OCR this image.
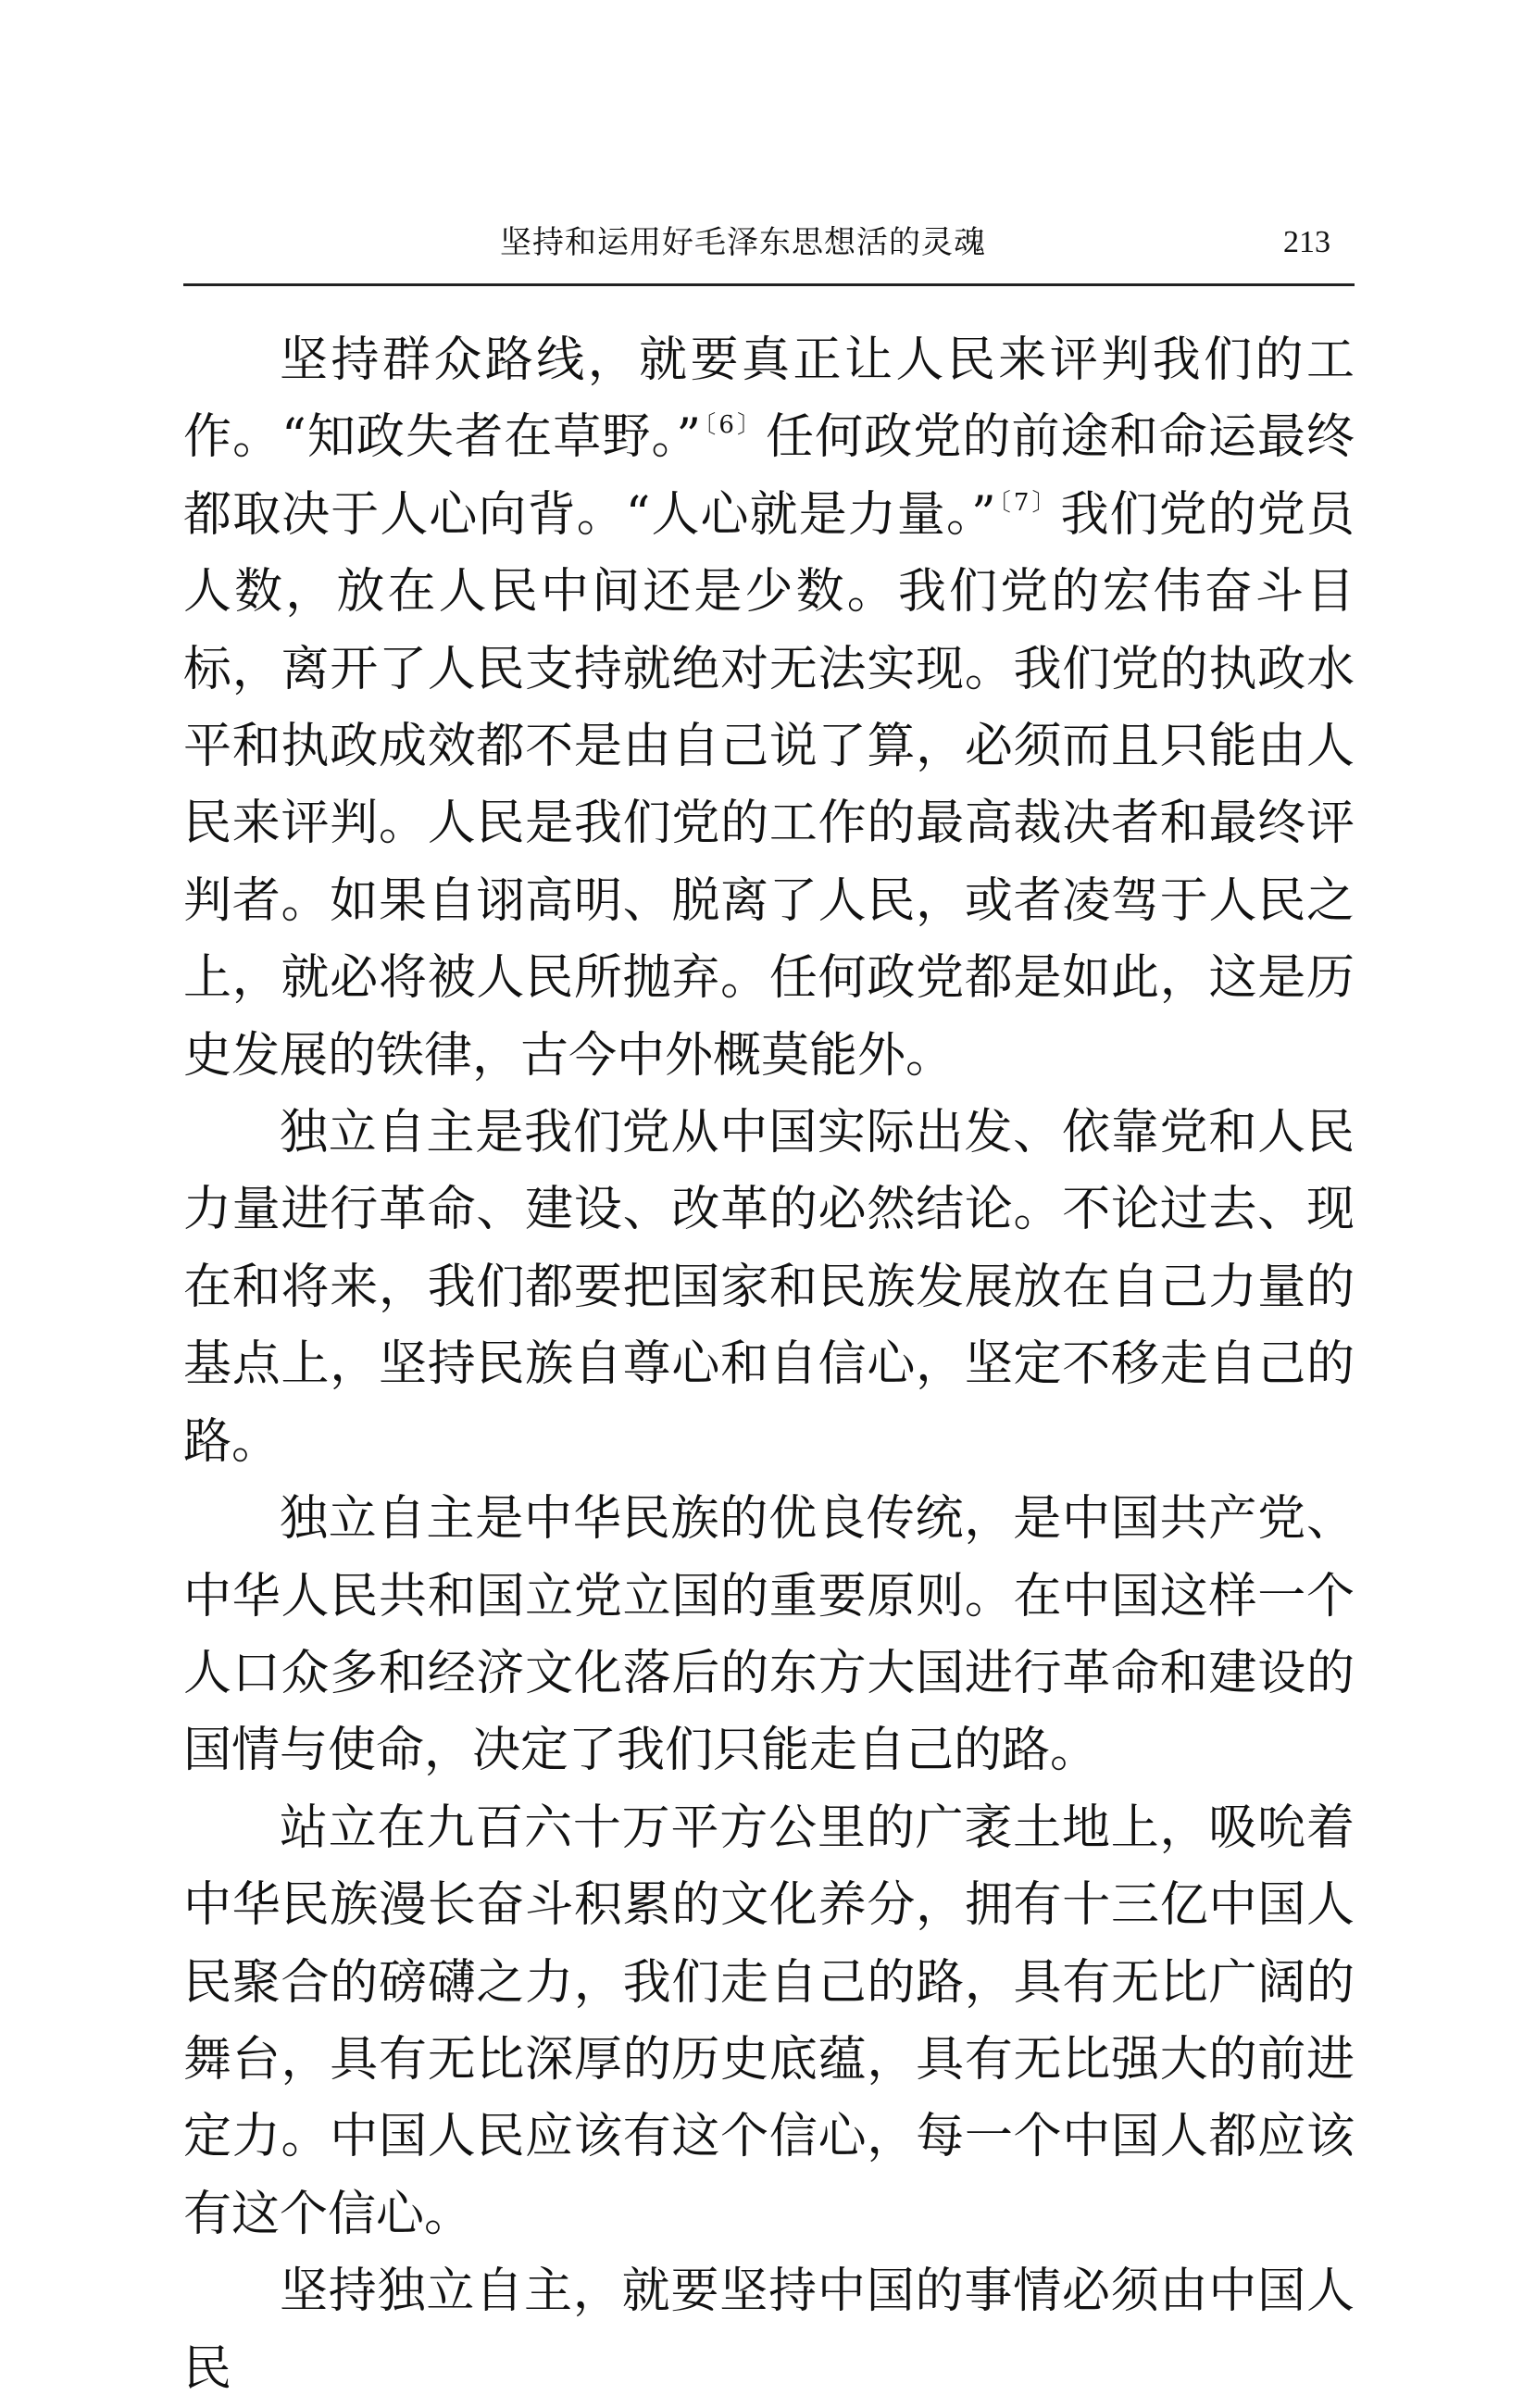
坚持和运用好毛泽东思想活的灵魂	213

坚持群众路线，就要真正让人民来评判我们的工作。“知政失者在草野。”$^{〔6〕}$任何政党的前途和命运最终都取决于人心向背。“人心就是力量。”$^{〔7〕}$我们党的党员人数，放在人民中间还是少数。我们党的宏伟奋斗目标，离开了人民支持就绝对无法实现。我们党的执政水平和执政成效都不是由自己说了算，必须而且只能由人民来评判。人民是我们党的工作的最高裁决者和最终评判者。如果自诩高明、脱离了人民，或者凌驾于人民之上，就必将被人民所抛弃。任何政党都是如此，这是历史发展的铁律，古今中外概莫能外。

独立自主是我们党从中国实际出发、依靠党和人民力量进行革命、建设、改革的必然结论。不论过去、现在和将来，我们都要把国家和民族发展放在自己力量的基点上，坚持民族自尊心和自信心，坚定不移走自己的路。

独立自主是中华民族的优良传统，是中国共产党、中华人民共和国立党立国的重要原则。在中国这样一个人口众多和经济文化落后的东方大国进行革命和建设的国情与使命，决定了我们只能走自己的路。

站立在九百六十万平方公里的广袤土地上，吸吮着中华民族漫长奋斗积累的文化养分，拥有十三亿中国人民聚合的磅礴之力，我们走自己的路，具有无比广阔的舞台，具有无比深厚的历史底蕴，具有无比强大的前进定力。中国人民应该有这个信心，每一个中国人都应该有这个信心。

坚持独立自主，就要坚持中国的事情必须由中国人民
